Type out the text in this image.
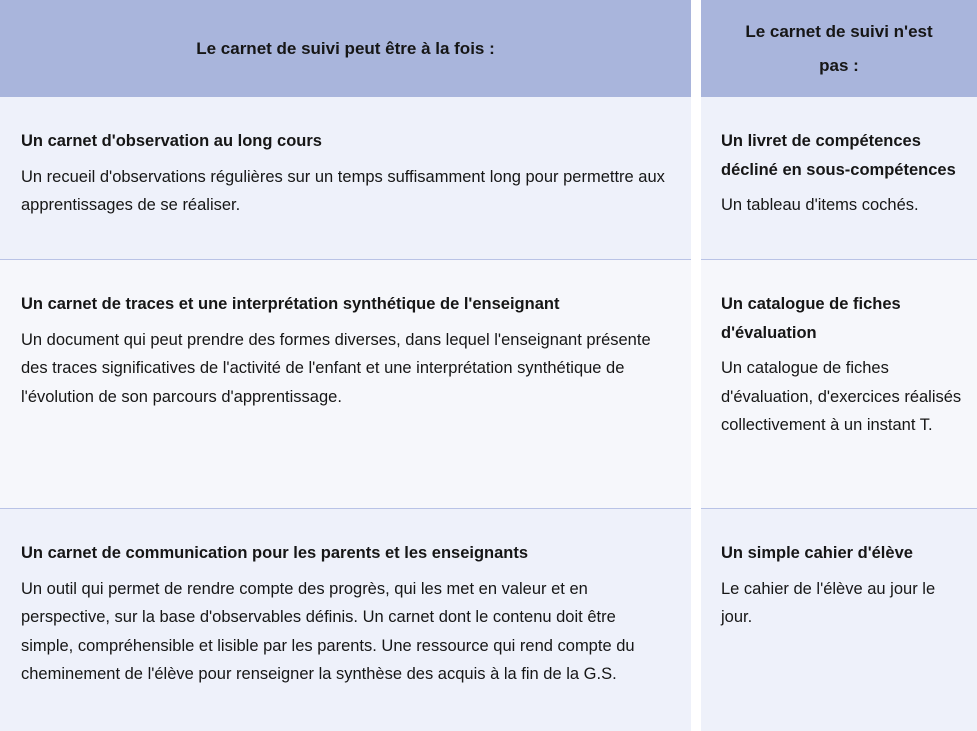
Le carnet de suivi peut être à la fois :
Le carnet de suivi n'est pas :
Un carnet d'observation au long cours
Un recueil d'observations régulières sur un temps suffisamment long pour permettre aux apprentissages de se réaliser.
Un livret de compétences décliné en sous-compétences
Un tableau d'items cochés.
Un carnet de traces et une interprétation synthétique de l'enseignant
Un document qui peut prendre des formes diverses, dans lequel l'enseignant présente des traces significatives de l'activité de l'enfant et une interprétation synthétique de l'évolution de son parcours d'apprentissage.
Un catalogue de fiches d'évaluation
Un catalogue de fiches d'évaluation, d'exercices réalisés collectivement à un instant T.
Un carnet de communication pour les parents et les enseignants
Un outil qui permet de rendre compte des progrès, qui les met en valeur et en perspective, sur la base d'observables définis. Un carnet dont le contenu doit être simple, compréhensible et lisible par les parents. Une ressource qui rend compte du cheminement de l'élève pour renseigner la synthèse des acquis à la fin de la G.S.
Un simple cahier d'élève
Le cahier de l'élève au jour le jour.
